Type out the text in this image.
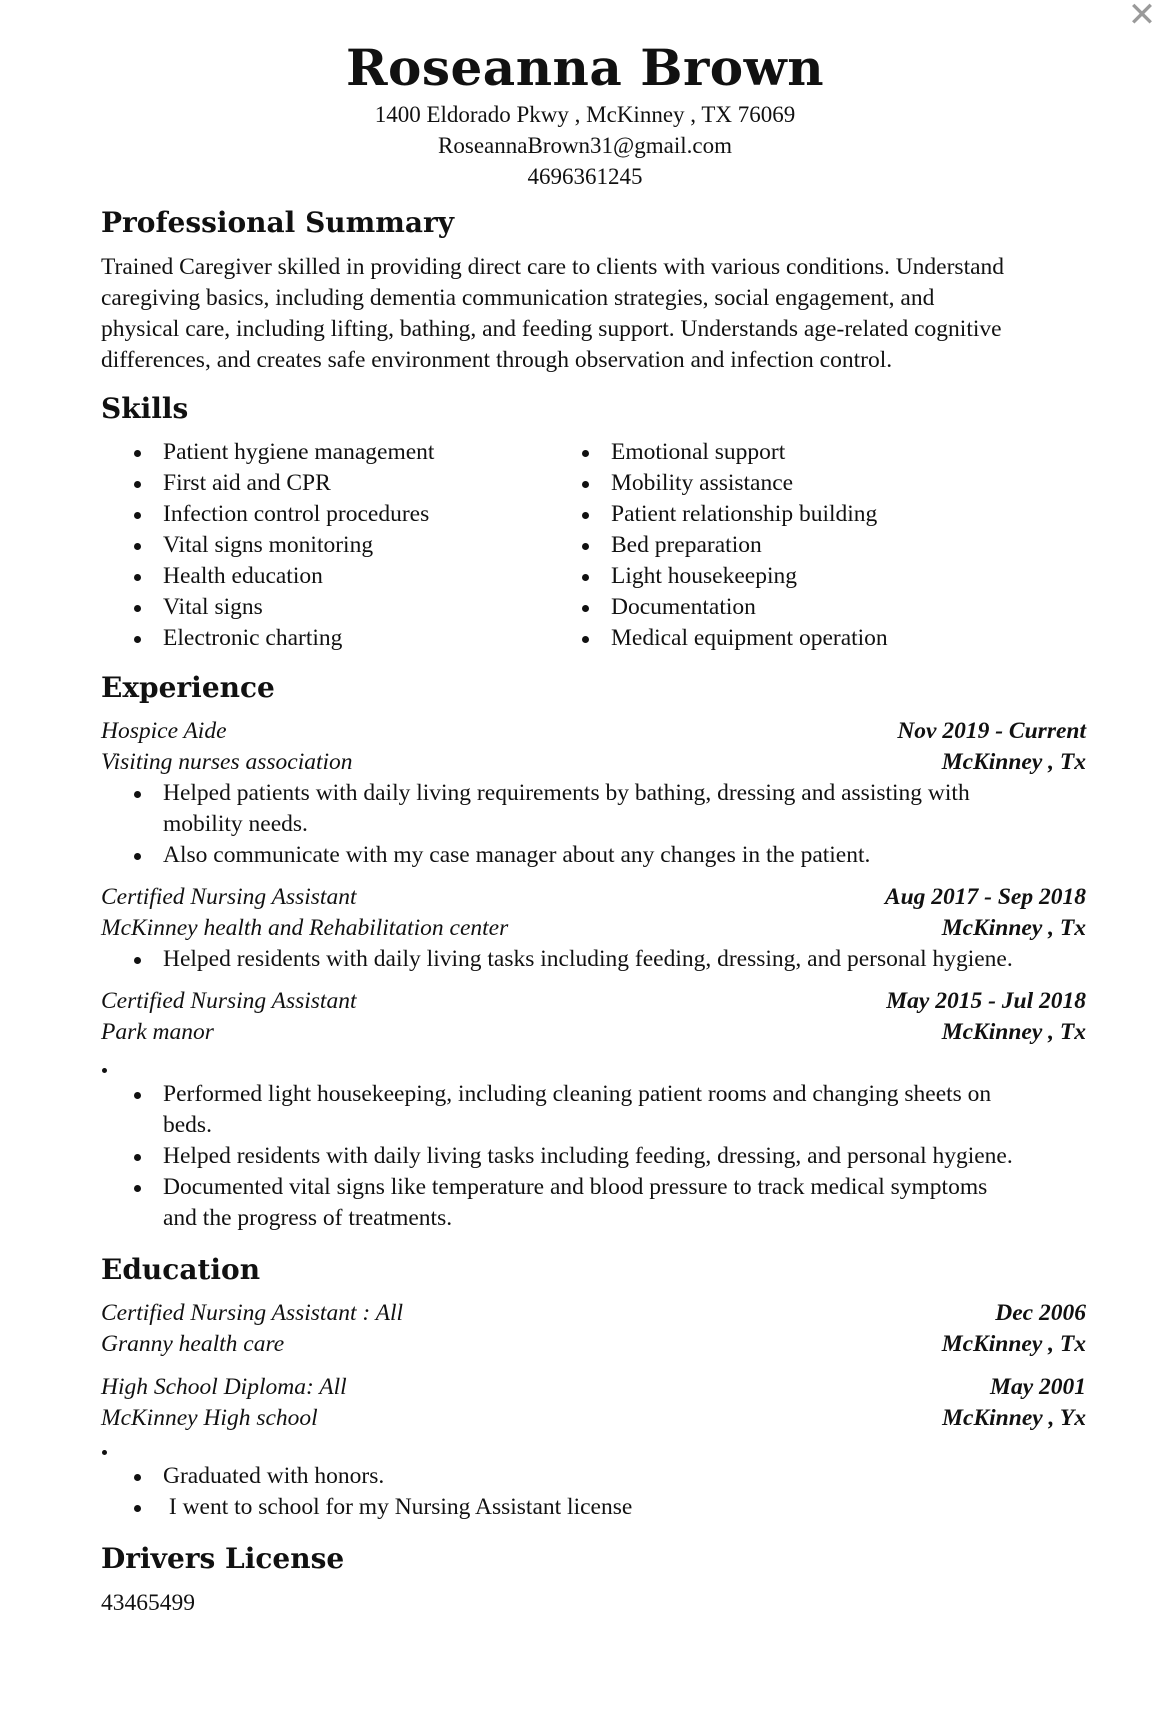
✕
Roseanna Brown
1400 Eldorado Pkwy , McKinney , TX 76069
RoseannaBrown31@gmail.com
4696361245
Professional Summary
Trained Caregiver skilled in providing direct care to clients with various conditions. Understand
caregiving basics, including dementia communication strategies, social engagement, and
physical care, including lifting, bathing, and feeding support. Understands age-related cognitive
differences, and creates safe environment through observation and infection control.
Skills
Patient hygiene management
First aid and CPR
Infection control procedures
Vital signs monitoring
Health education
Vital signs
Electronic charting
Emotional support
Mobility assistance
Patient relationship building
Bed preparation
Light housekeeping
Documentation
Medical equipment operation
Experience
Hospice Aide	Nov 2019 - Current
Visiting nurses association	McKinney , Tx
Helped patients with daily living requirements by bathing, dressing and assisting with
mobility needs.
Also communicate with my case manager about any changes in the patient.
Certified Nursing Assistant	Aug 2017 - Sep 2018
McKinney health and Rehabilitation center	McKinney , Tx
Helped residents with daily living tasks including feeding, dressing, and personal hygiene.
Certified Nursing Assistant	May 2015 - Jul 2018
Park manor	McKinney , Tx
Performed light housekeeping, including cleaning patient rooms and changing sheets on
beds.
Helped residents with daily living tasks including feeding, dressing, and personal hygiene.
Documented vital signs like temperature and blood pressure to track medical symptoms
and the progress of treatments.
Education
Certified Nursing Assistant : All	Dec 2006
Granny health care	McKinney , Tx
High School Diploma: All	May 2001
McKinney High school	McKinney , Yx
Graduated with honors.
I went to school for my Nursing Assistant license
Drivers License
43465499
